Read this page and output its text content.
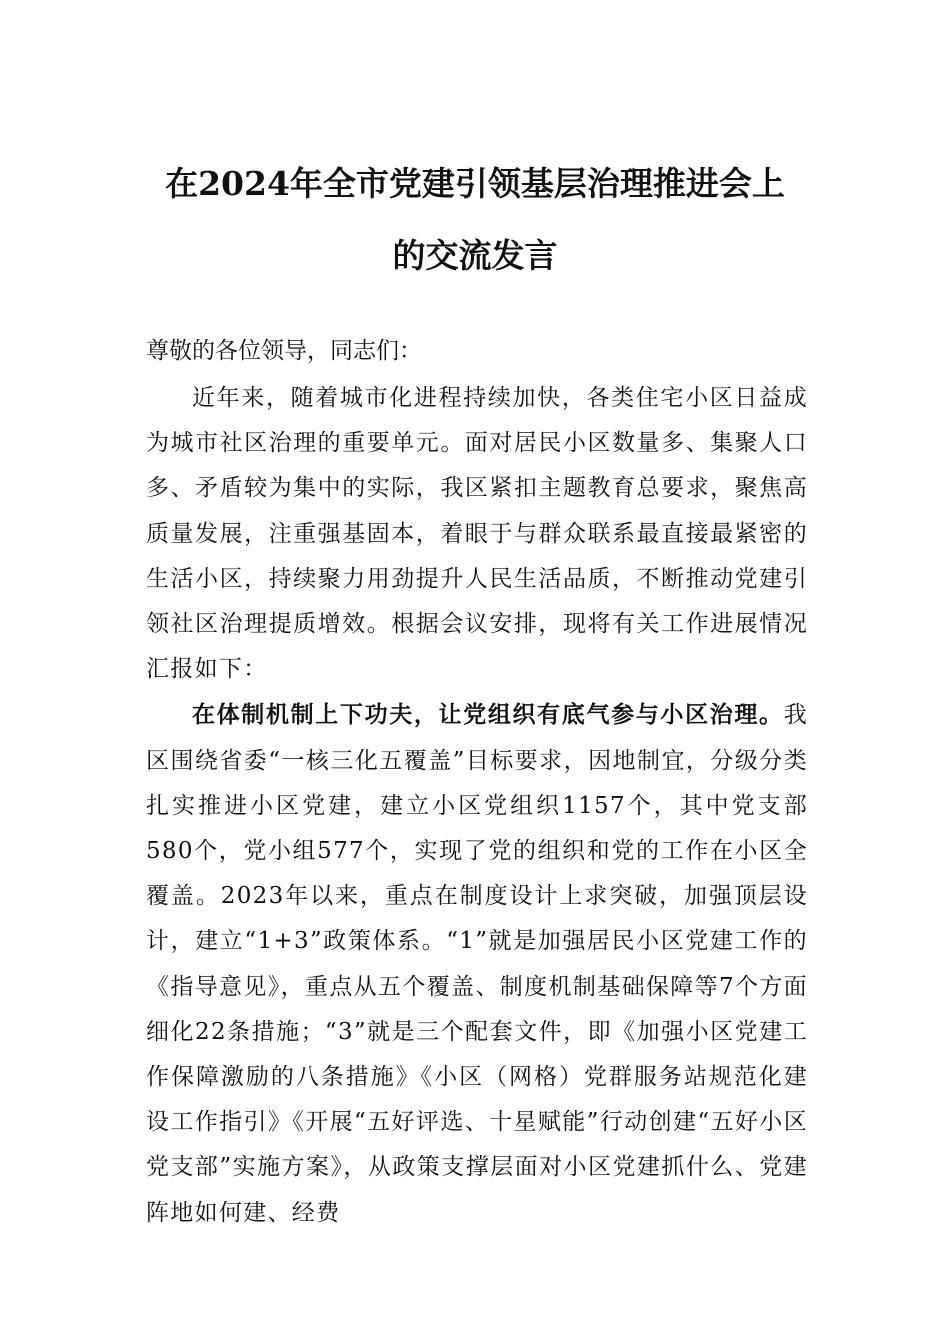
在2024年全市党建引领基层治理推进会上
的交流发言
尊敬的各位领导，同志们：

近年来，随着城市化进程持续加快，各类住宅小区日益成为城市社区治理的重要单元。面对居民小区数量多、集聚人口多、矛盾较为集中的实际，我区紧扣主题教育总要求，聚焦高质量发展，注重强基固本，着眼于与群众联系最直接最紧密的生活小区，持续聚力用劲提升人民生活品质，不断推动党建引领社区治理提质增效。根据会议安排，现将有关工作进展情况汇报如下：

在体制机制上下功夫，让党组织有底气参与小区治理。我区围绕省委“一核三化五覆盖”目标要求，因地制宜，分级分类扎实推进小区党建，建立小区党组织1157个，其中党支部580个，党小组577个，实现了党的组织和党的工作在小区全覆盖。2023年以来，重点在制度设计上求突破，加强顶层设计，建立“1+3”政策体系。“1”就是加强居民小区党建工作的《指导意见》，重点从五个覆盖、制度机制基础保障等7个方面细化22条措施；“3”就是三个配套文件，即《加强小区党建工作保障激励的八条措施》《小区（网格）党群服务站规范化建设工作指引》《开展“五好评选、十星赋能”行动创建“五好小区党支部”实施方案》，从政策支撑层面对小区党建抓什么、党建阵地如何建、经费
